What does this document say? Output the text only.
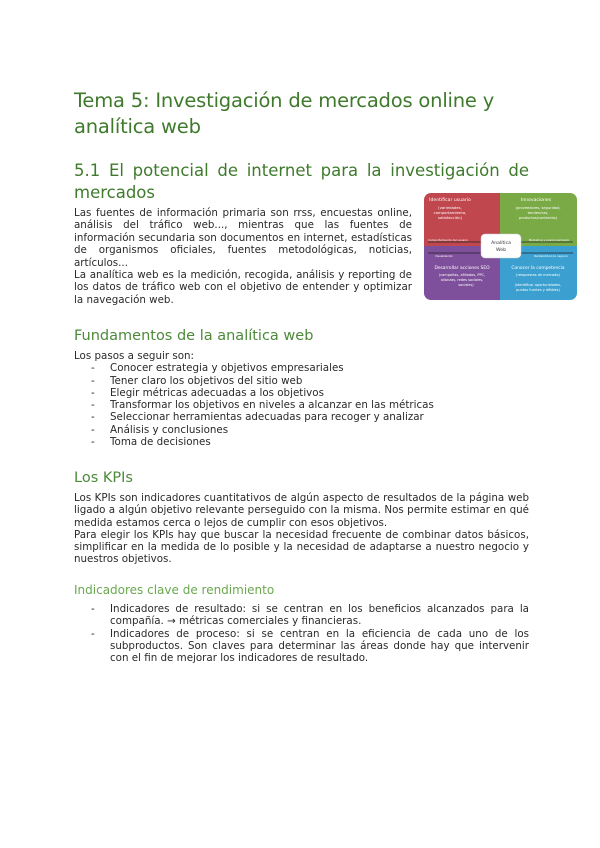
Tema 5: Investigación de mercados online y analítica web
5.1 El potencial de internet para la investigación de mercados

Las fuentes de información primaria son rrss, encuestas online, análisis del tráfico web..., mientras que las fuentes de información secundaria son documentos en internet, estadísticas de organismos oficiales, fuentes metodológicas, noticias, artículos...

La analítica web es la medición, recogida, análisis y reporting de los datos de tráfico web con el objetivo de entender y optimizar la navegación web.

Identificar usuario
(variedades,
comportamiento,
satisfacción)
Innovaciones
(proveedores, seguridad,
tendencias,
productos/contenido)
Desarrollar acciones SEO
(campañas, afiliados, PPC,
alianzas, redes sociales,
sociales)
Conocer la competencia
(respuestas de mercado)
(identificar oportunidades,
puntos fuertes y débiles)
Comportamiento del usuario	Marketing y posicionamiento
Visualización	Rentabilidad de negocio
Analítica
Web
Fundamentos de la analítica web

Los pasos a seguir son:

- Conocer estrategia y objetivos empresariales
- Tener claro los objetivos del sitio web
- Elegir métricas adecuadas a los objetivos
- Transformar los objetivos en niveles a alcanzar en las métricas
- Seleccionar herramientas adecuadas para recoger y analizar
- Análisis y conclusiones
- Toma de decisiones
Los KPIs

Los KPIs son indicadores cuantitativos de algún aspecto de resultados de la página web ligado a algún objetivo relevante perseguido con la misma. Nos permite estimar en qué medida estamos cerca o lejos de cumplir con esos objetivos.

Para elegir los KPIs hay que buscar la necesidad frecuente de combinar datos básicos, simplificar en la medida de lo posible y la necesidad de adaptarse a nuestro negocio y nuestros objetivos.

Indicadores clave de rendimiento
- Indicadores de resultado: si se centran en los beneficios alcanzados para la compañía. → métricas comerciales y financieras.
- Indicadores de proceso: si se centran en la eficiencia de cada uno de los subproductos. Son claves para determinar las áreas donde hay que intervenir con el fin de mejorar los indicadores de resultado.
